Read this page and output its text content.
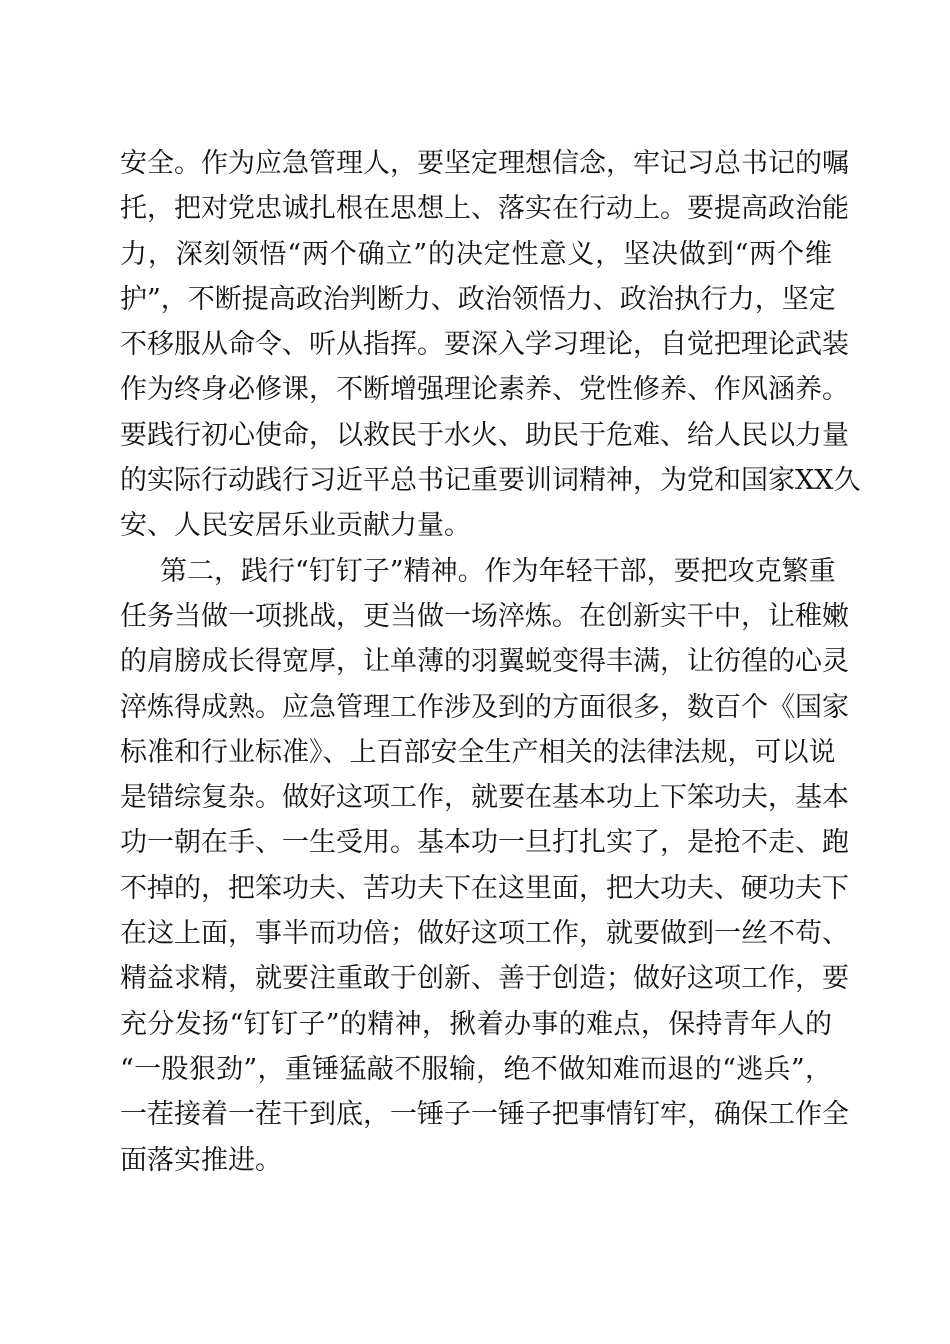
安全。作为应急管理人，要坚定理想信念，牢记习总书记的嘱
托，把对党忠诚扎根在思想上、落实在行动上。要提高政治能
力，深刻领悟“两个确立”的决定性意义，坚决做到“两个维
护”，不断提高政治判断力、政治领悟力、政治执行力，坚定
不移服从命令、听从指挥。要深入学习理论，自觉把理论武装
作为终身必修课，不断增强理论素养、党性修养、作风涵养。
要践行初心使命，以救民于水火、助民于危难、给人民以力量
的实际行动践行习近平总书记重要训词精神，为党和国家XX久
安、人民安居乐业贡献力量。
第二，践行“钉钉子”精神。作为年轻干部，要把攻克繁重
任务当做一项挑战，更当做一场淬炼。在创新实干中，让稚嫩
的肩膀成长得宽厚，让单薄的羽翼蜕变得丰满，让彷徨的心灵
淬炼得成熟。应急管理工作涉及到的方面很多，数百个《国家
标准和行业标准》、上百部安全生产相关的法律法规，可以说
是错综复杂。做好这项工作，就要在基本功上下笨功夫，基本
功一朝在手、一生受用。基本功一旦打扎实了，是抢不走、跑
不掉的，把笨功夫、苦功夫下在这里面，把大功夫、硬功夫下
在这上面，事半而功倍；做好这项工作，就要做到一丝不苟、
精益求精，就要注重敢于创新、善于创造；做好这项工作，要
充分发扬“钉钉子”的精神，揪着办事的难点，保持青年人的
“一股狠劲”，重锤猛敲不服输，绝不做知难而退的“逃兵”，
一茬接着一茬干到底，一锤子一锤子把事情钉牢，确保工作全
面落实推进。
